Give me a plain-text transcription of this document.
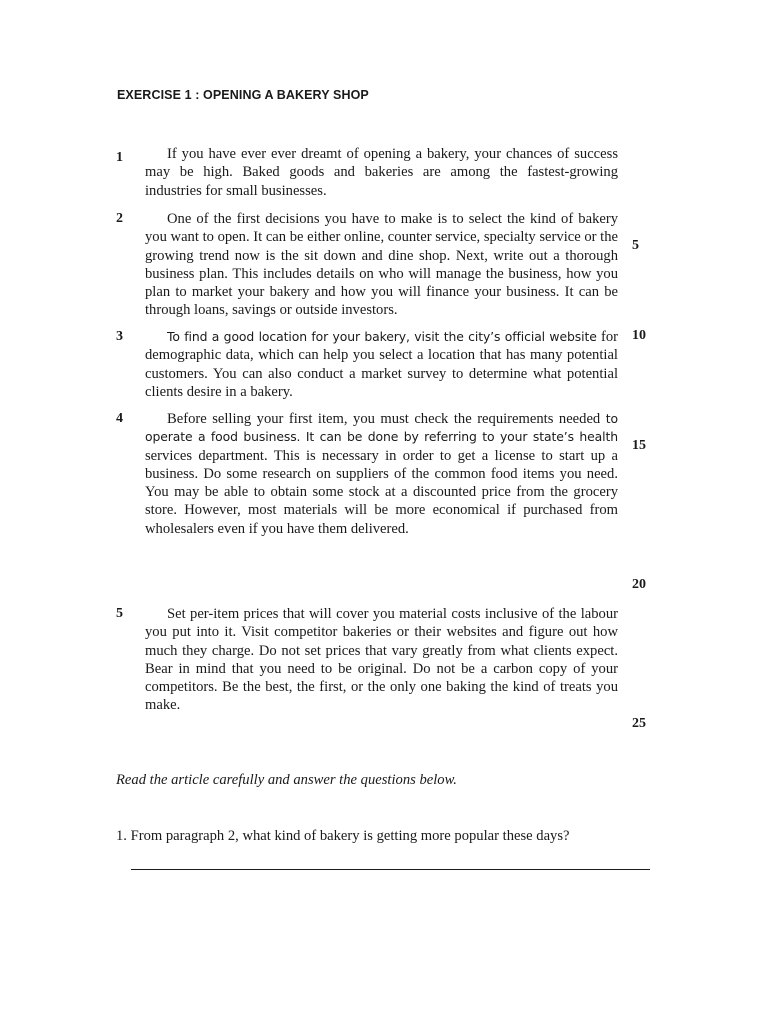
EXERCISE 1 : OPENING A BAKERY SHOP
1	If you have ever ever dreamt of opening a bakery, your chances of success may be high. Baked goods and bakeries are among the fastest-growing industries for small businesses.

2	One of the first decisions you have to make is to select the kind of bakery you want to open. It can be either online, counter service, specialty service or the growing trend now is the sit down and dine shop. Next, write out a thorough business plan. This includes details on who will manage the business, how you plan to market your bakery and how you will finance your business. It can be through loans, savings or outside investors.

3	To find a good location for your bakery, visit the city’s official website for demographic data, which can help you select a location that has many potential customers. You can also conduct a market survey to determine what potential clients desire in a bakery.

4	Before selling your first item, you must check the requirements needed to operate a food business. It can be done by referring to your state’s health services department. This is necessary in order to get a license to start up a business. Do some research on suppliers of the common food items you need. You may be able to obtain some stock at a discounted price from the grocery store. However, most materials will be more economical if purchased from wholesalers even if you have them delivered.

5	Set per-item prices that will cover you material costs inclusive of the labour you put into it. Visit competitor bakeries or their websites and figure out how much they charge. Do not set prices that vary greatly from what clients expect. Bear in mind that you need to be original. Do not be a carbon copy of your competitors. Be the best, the first, or the only one baking the kind of treats you make.

5
10
15
20
25
Read the article carefully and answer the questions below.
1. From paragraph 2, what kind of bakery is getting more popular these days?
